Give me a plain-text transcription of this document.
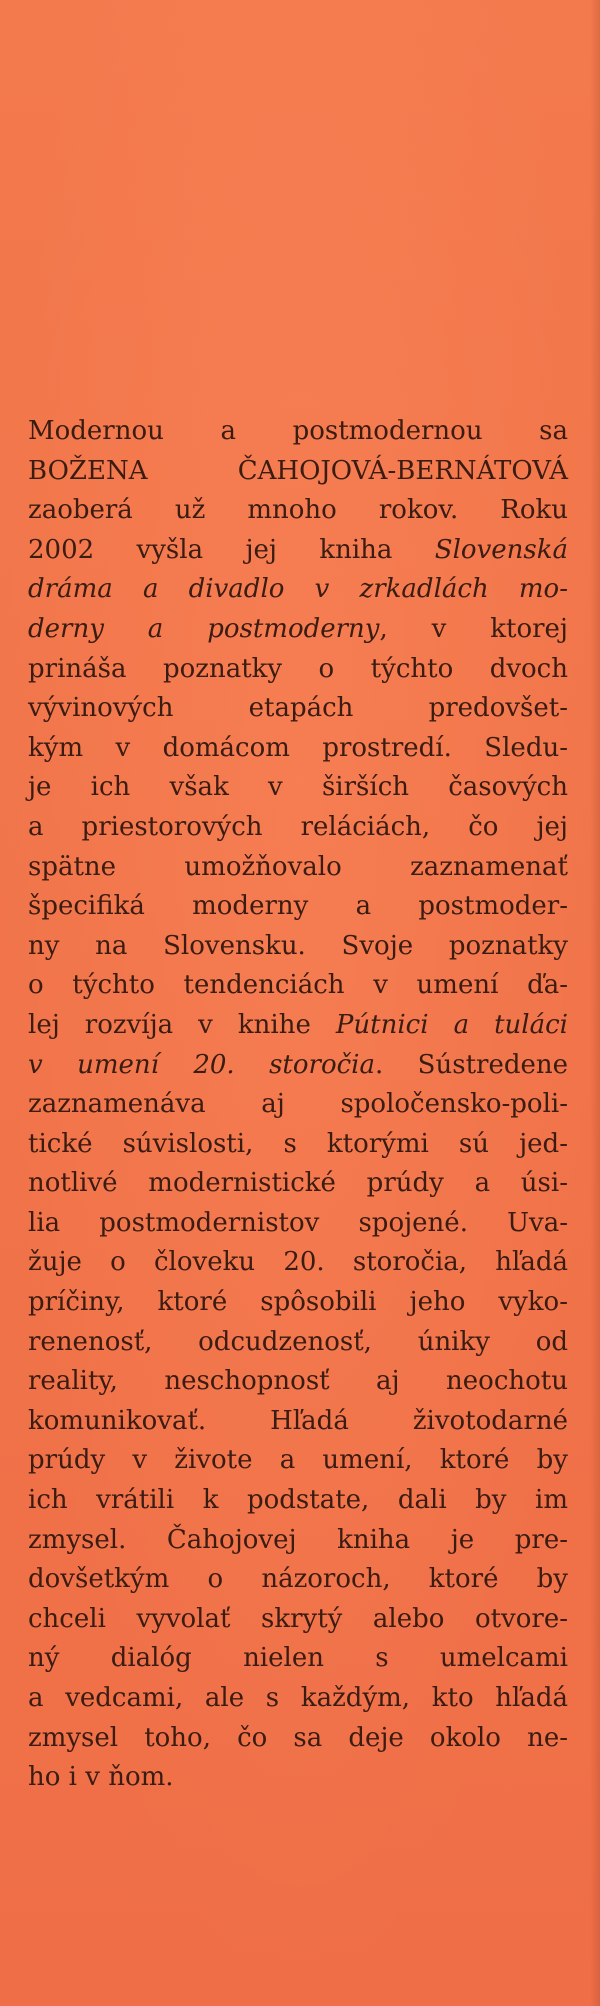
Modernou a postmodernou sa
BOŽENA ČAHOJOVÁ-BERNÁTOVÁ
zaoberá už mnoho rokov. Roku
2002 vyšla jej kniha Slovenská
dráma a divadlo v zrkadlách mo-
derny a postmoderny, v ktorej
prináša poznatky o týchto dvoch
vývinových etapách predovšet-
kým v domácom prostredí. Sledu-
je ich však v širších časových
a priestorových reláciách, čo jej
spätne umožňovalo zaznamenať
špecifiká moderny a postmoder-
ny na Slovensku. Svoje poznatky
o týchto tendenciách v umení ďa-
lej rozvíja v knihe Pútnici a tuláci
v umení 20. storočia. Sústredene
zaznamenáva aj spoločensko-poli-
tické súvislosti, s ktorými sú jed-
notlivé modernistické prúdy a úsi-
lia postmodernistov spojené. Uva-
žuje o človeku 20. storočia, hľadá
príčiny, ktoré spôsobili jeho vyko-
renenosť, odcudzenosť, úniky od
reality, neschopnosť aj neochotu
komunikovať. Hľadá životodarné
prúdy v živote a umení, ktoré by
ich vrátili k podstate, dali by im
zmysel. Čahojovej kniha je pre-
dovšetkým o názoroch, ktoré by
chceli vyvolať skrytý alebo otvore-
ný dialóg nielen s umelcami
a vedcami, ale s každým, kto hľadá
zmysel toho, čo sa deje okolo ne-
ho i v ňom.
